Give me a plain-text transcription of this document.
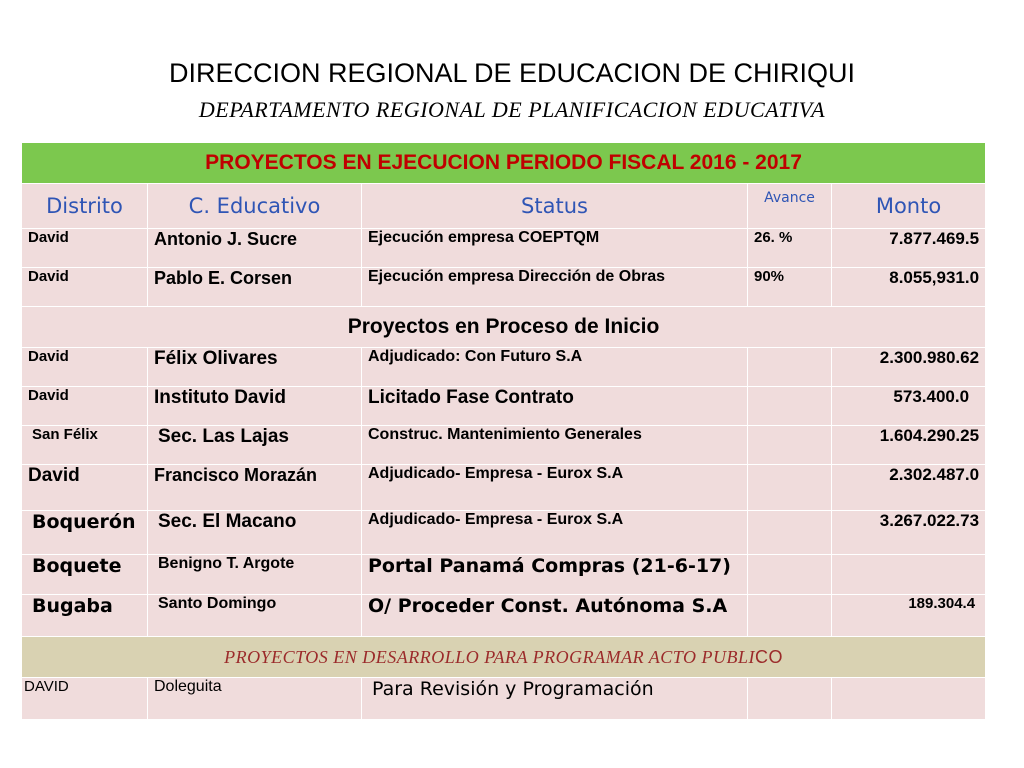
DIRECCION REGIONAL DE EDUCACION DE CHIRIQUI
DEPARTAMENTO REGIONAL DE PLANIFICACION EDUCATIVA
PROYECTOS EN EJECUCION PERIODO FISCAL 2016 - 2017				
Distrito	C. Educativo	Status	Avance	Monto
David	Antonio J. Sucre	Ejecución empresa COEPTQM	26. %	7.877.469.5
David	Pablo E. Corsen	Ejecución empresa Dirección de Obras	90%	8.055,931.0
Proyectos en Proceso de Inicio				
David	Félix Olivares	Adjudicado: Con Futuro S.A		2.300.980.62
David	Instituto David	Licitado Fase Contrato		573.400.0
San Félix	Sec. Las Lajas	Construc. Mantenimiento Generales		1.604.290.25
David	Francisco Morazán	Adjudicado- Empresa - Eurox S.A		2.302.487.0
Boquerón	Sec. El Macano	Adjudicado- Empresa - Eurox S.A		3.267.022.73
Boquete	Benigno T. Argote	Portal Panamá Compras (21-6-17)		
Bugaba	Santo Domingo	O/ Proceder Const. Autónoma S.A		189.304.4
PROYECTOS EN DESARROLLO PARA PROGRAMAR ACTO PUBLICO				
DAVID	Doleguita	Para Revisión y Programación		
